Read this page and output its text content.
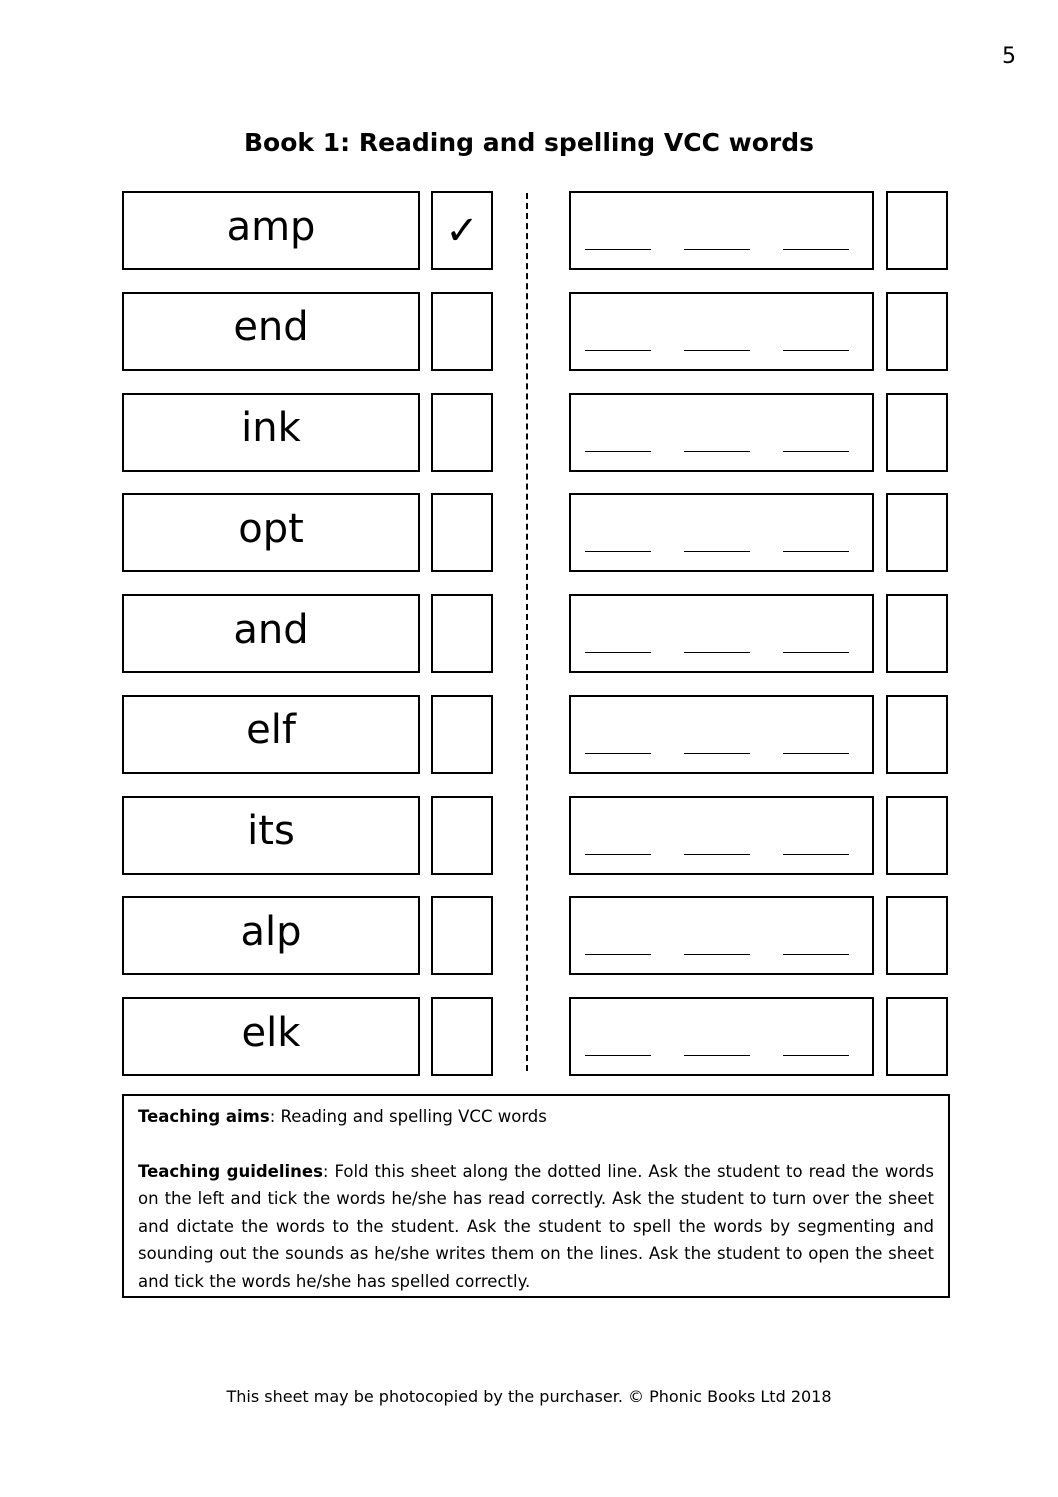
5
Book 1: Reading and spelling VCC words
amp	✓
end
ink
opt
and
elf
its
alp
elk

Teaching aims: Reading and spelling VCC words

Teaching guidelines: Fold this sheet along the dotted line. Ask the student to read the words on the left and tick the words he/she has read correctly. Ask the student to turn over the sheet and dictate the words to the student. Ask the student to spell the words by segmenting and sounding out the sounds as he/she writes them on the lines. Ask the student to open the sheet and tick the words he/she has spelled correctly.

This sheet may be photocopied by the purchaser. © Phonic Books Ltd 2018
